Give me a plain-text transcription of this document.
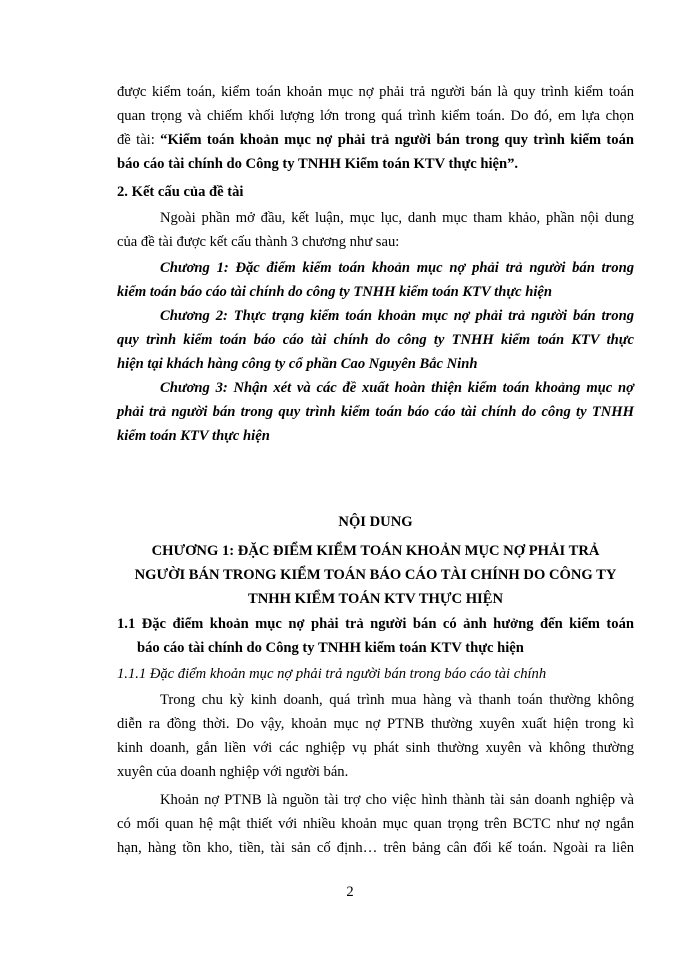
được kiểm toán, kiểm toán khoản mục nợ phải trả người bán là quy trình kiểm toán
quan trọng và chiếm khối lượng lớn trong quá trình kiểm toán. Do đó, em lựa chọn
đề tài: “Kiểm toán khoản mục nợ phải trả người bán trong quy trình kiểm toán
báo cáo tài chính do Công ty TNHH Kiểm toán KTV thực hiện”.
2. Kết cấu của đề tài
Ngoài phần mở đầu, kết luận, mục lục, danh mục tham khảo, phần nội dung
của đề tài được kết cấu thành 3 chương như sau:
Chương 1: Đặc điểm kiểm toán khoản mục nợ phải trả người bán trong
kiểm toán báo cáo tài chính do công ty TNHH kiểm toán KTV thực hiện
Chương 2: Thực trạng kiểm toán khoản mục nợ phải trả người bán trong
quy trình kiểm toán báo cáo tài chính do công ty TNHH kiểm toán KTV thực
hiện tại khách hàng công ty cổ phần Cao Nguyên Bắc Ninh
Chương 3: Nhận xét và các đề xuất hoàn thiện kiểm toán khoảng mục nợ
phải trả người bán trong quy trình kiểm toán báo cáo tài chính do công ty TNHH
kiểm toán KTV thực hiện
NỘI DUNG
CHƯƠNG 1: ĐẶC ĐIỂM KIỂM TOÁN KHOẢN MỤC NỢ PHẢI TRẢ
NGƯỜI BÁN TRONG KIỂM TOÁN BÁO CÁO TÀI CHÍNH DO CÔNG TY
TNHH KIỂM TOÁN KTV THỰC HIỆN
1.1 Đặc điểm khoản mục nợ phải trả người bán có ảnh hưởng đến kiểm toán
báo cáo tài chính do Công ty TNHH kiểm toán KTV thực hiện
1.1.1 Đặc điểm khoản mục nợ phải trả người bán trong báo cáo tài chính
Trong chu kỳ kinh doanh, quá trình mua hàng và thanh toán thường không
diễn ra đồng thời. Do vậy, khoản mục nợ PTNB thường xuyên xuất hiện trong kì
kinh doanh, gắn liền với các nghiệp vụ phát sinh thường xuyên và không thường
xuyên của doanh nghiệp với người bán.
Khoản nợ PTNB là nguồn tài trợ cho việc hình thành tài sản doanh nghiệp và
có mối quan hệ mật thiết với nhiều khoản mục quan trọng trên BCTC như nợ ngắn
hạn, hàng tồn kho, tiền, tài sản cố định… trên bảng cân đối kế toán. Ngoài ra liên
2
